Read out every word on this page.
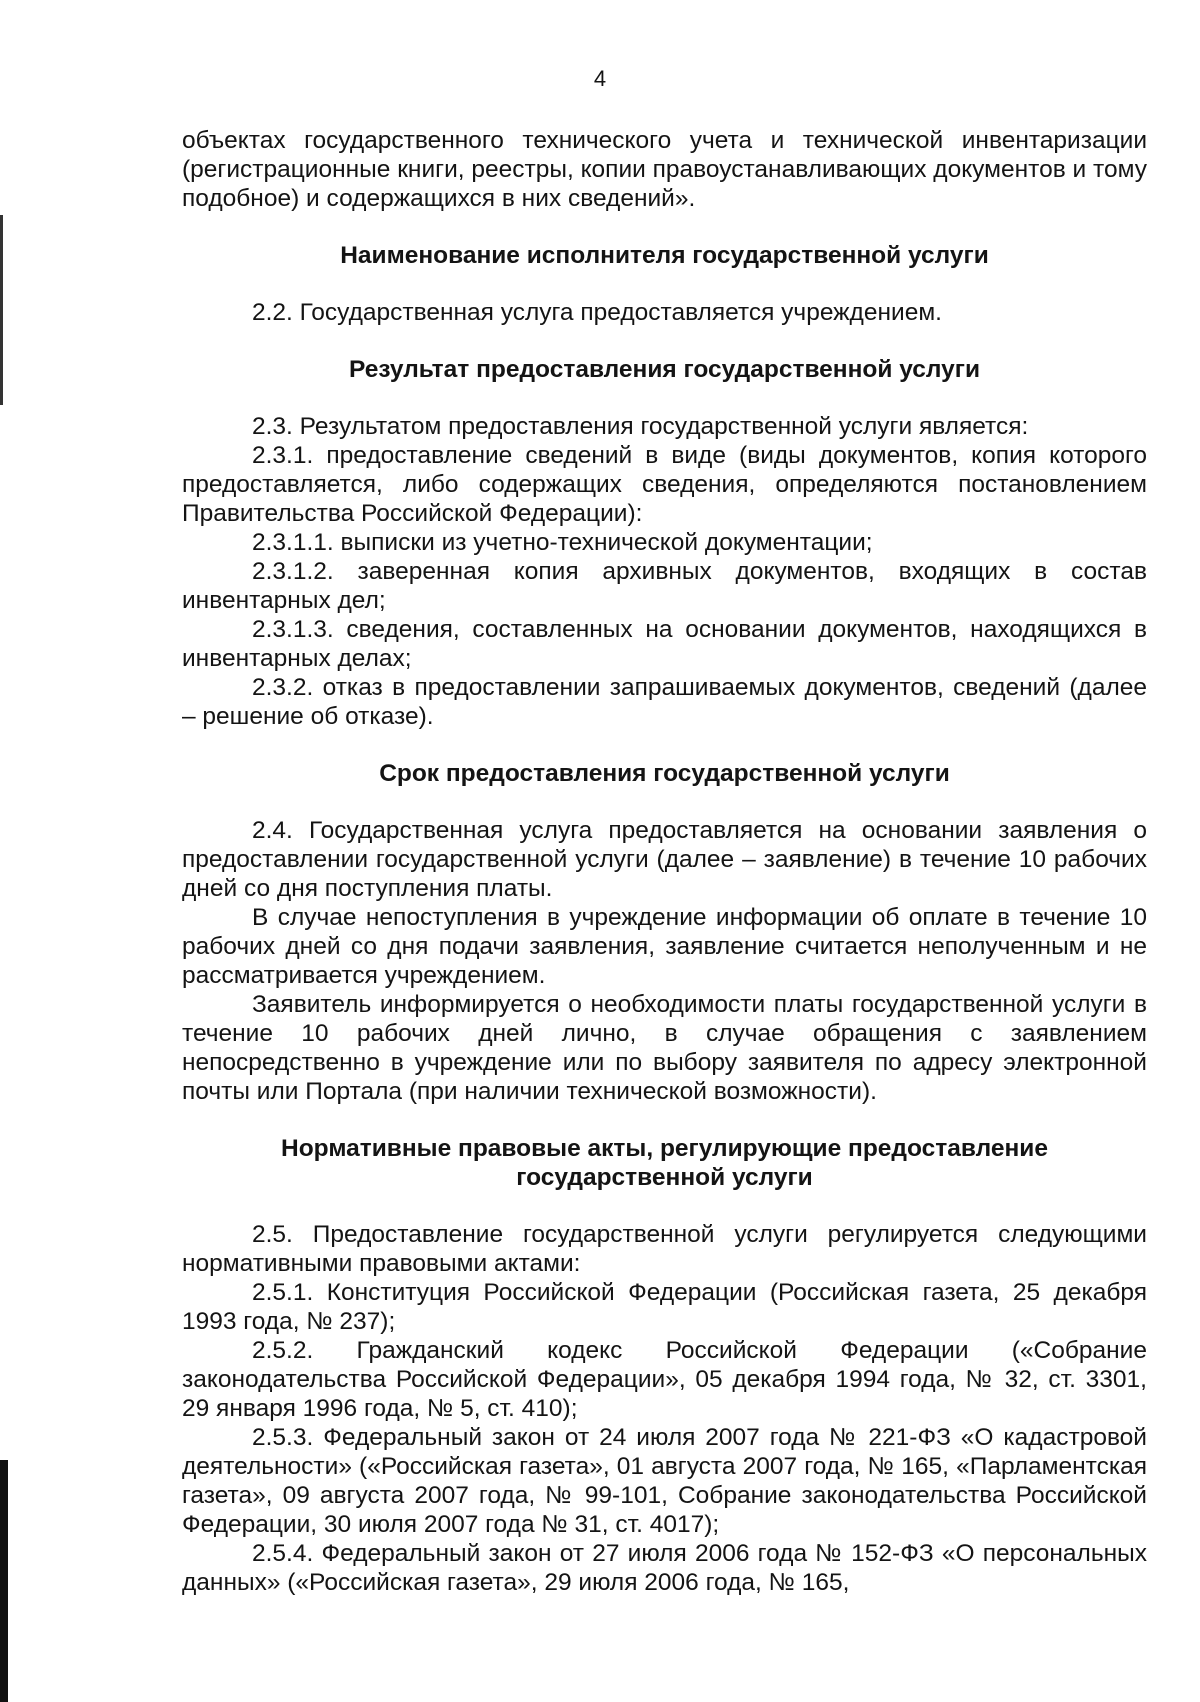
4

объектах государственного технического учета и технической инвентаризации (регистрационные книги, реестры, копии правоустанавливающих документов и тому подобное) и содержащихся в них сведений».

Наименование исполнителя государственной услуги

2.2. Государственная услуга предоставляется учреждением.

Результат предоставления государственной услуги

2.3. Результатом предоставления государственной услуги является:

2.3.1. предоставление сведений в виде (виды документов, копия которого предоставляется, либо содержащих сведения, определяются постановлением Правительства Российской Федерации):

2.3.1.1. выписки из учетно-технической документации;

2.3.1.2. заверенная копия архивных документов, входящих в состав инвентарных дел;

2.3.1.3. сведения, составленных на основании документов, находящихся в инвентарных делах;

2.3.2. отказ в предоставлении запрашиваемых документов, сведений (далее – решение об отказе).

Срок предоставления государственной услуги

2.4. Государственная услуга предоставляется на основании заявления о предоставлении государственной услуги (далее – заявление) в течение 10 рабочих дней со дня поступления платы.

В случае непоступления в учреждение информации об оплате в течение 10 рабочих дней со дня подачи заявления, заявление считается неполученным и не рассматривается учреждением.

Заявитель информируется о необходимости платы государственной услуги в течение 10 рабочих дней лично, в случае обращения с заявлением непосредственно в учреждение или по выбору заявителя по адресу электронной почты или Портала (при наличии технической возможности).

Нормативные правовые акты, регулирующие предоставление государственной услуги

2.5. Предоставление государственной услуги регулируется следующими нормативными правовыми актами:

2.5.1. Конституция Российской Федерации (Российская газета, 25 декабря 1993 года, № 237);

2.5.2. Гражданский кодекс Российской Федерации («Собрание законодательства Российской Федерации», 05 декабря 1994 года, № 32, ст. 3301, 29 января 1996 года, № 5, ст. 410);

2.5.3. Федеральный закон от 24 июля 2007 года № 221-ФЗ «О кадастровой деятельности» («Российская газета», 01 августа 2007 года, № 165, «Парламентская газета», 09 августа 2007 года, № 99-101, Собрание законодательства Российской Федерации, 30 июля 2007 года № 31, ст. 4017);

2.5.4. Федеральный закон от 27 июля 2006 года № 152-ФЗ «О персональных данных» («Российская газета», 29 июля 2006 года, № 165,
